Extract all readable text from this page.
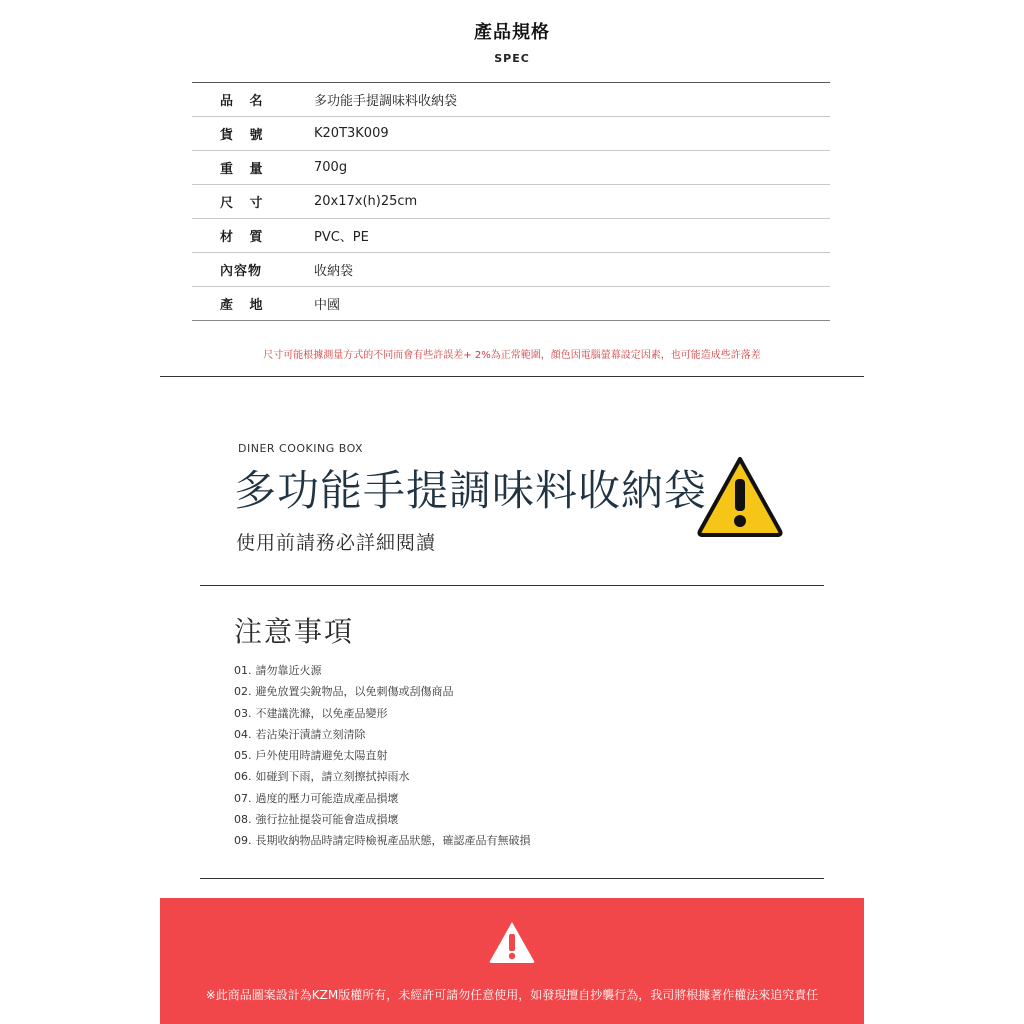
產品規格
SPEC
品 名	多功能手提調味料收納袋
貨 號	K20T3K009
重 量	700g
尺 寸	20x17x(h)25cm
材 質	PVC、PE
內容物	收納袋
產 地	中國
尺寸可能根據測量方式的不同而會有些許誤差+ 2%為正常範圍，顏色因電腦螢幕設定因素，也可能造成些許落差
DINER COOKING BOX
多功能手提調味料收納袋
使用前請務必詳細閱讀
注意事項
01. 請勿靠近火源
02. 避免放置尖銳物品，以免刺傷或刮傷商品
03. 不建議洗滌，以免產品變形
04. 若沾染汙漬請立刻清除
05. 戶外使用時請避免太陽直射
06. 如碰到下雨，請立刻擦拭掉雨水
07. 過度的壓力可能造成產品損壞
08. 強行拉扯提袋可能會造成損壞
09. 長期收納物品時請定時檢視產品狀態，確認產品有無破損
※此商品圖案設計為KZM版權所有，未經許可請勿任意使用，如發現擅自抄襲行為，我司將根據著作權法來追究責任
